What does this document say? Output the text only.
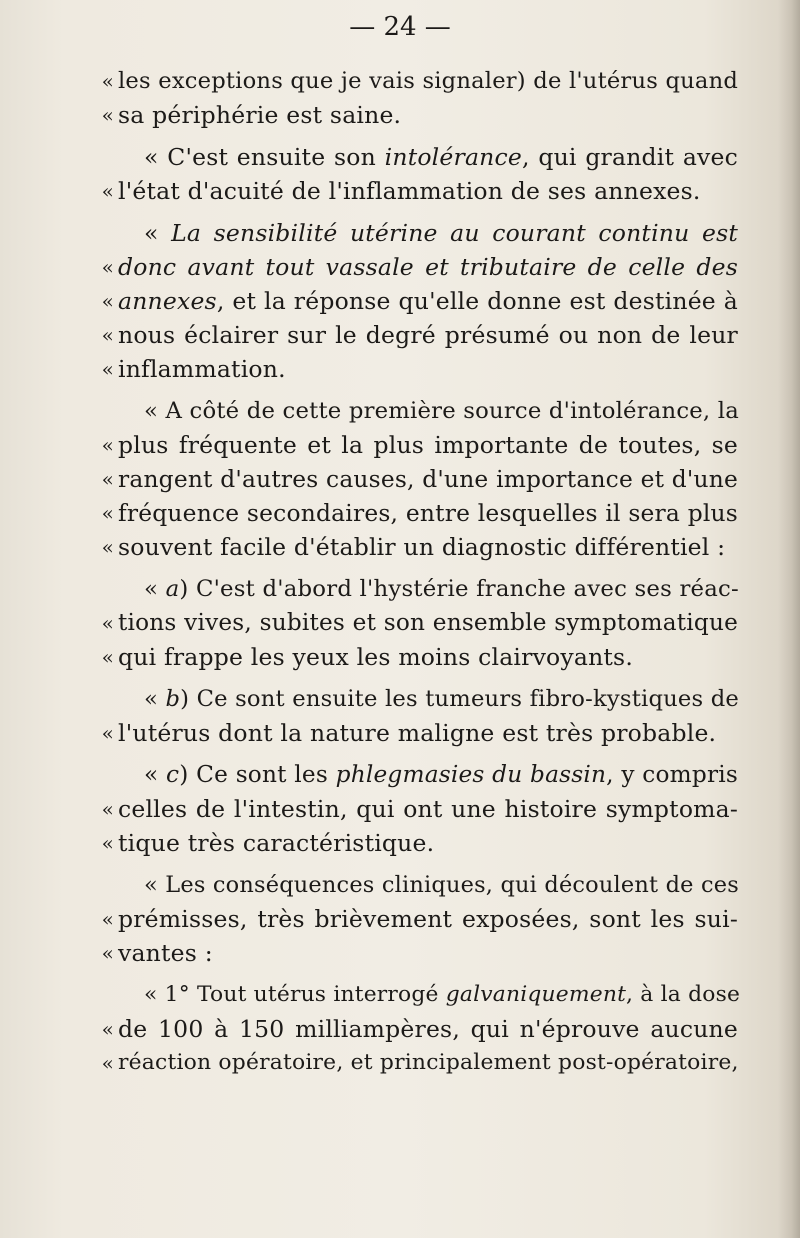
— 24 —
« les exceptions que je vais signaler) de l'utérus quand
« sa périphérie est saine.
« C'est ensuite son intolérance, qui grandit avec
« l'état d'acuité de l'inflammation de ses annexes.
« La sensibilité utérine au courant continu est
« donc avant tout vassale et tributaire de celle des
« annexes, et la réponse qu'elle donne est destinée à
« nous éclairer sur le degré présumé ou non de leur
« inflammation.
« A côté de cette première source d'intolérance, la
« plus fréquente et la plus importante de toutes, se
« rangent d'autres causes, d'une importance et d'une
« fréquence secondaires, entre lesquelles il sera plus
« souvent facile d'établir un diagnostic différentiel :
« a) C'est d'abord l'hystérie franche avec ses réac-
« tions vives, subites et son ensemble symptomatique
« qui frappe les yeux les moins clairvoyants.
« b) Ce sont ensuite les tumeurs fibro-kystiques de
« l'utérus dont la nature maligne est très probable.
« c) Ce sont les phlegmasies du bassin, y compris
« celles de l'intestin, qui ont une histoire symptoma-
« tique très caractéristique.
« Les conséquences cliniques, qui découlent de ces
« prémisses, très brièvement exposées, sont les sui-
« vantes :
« 1° Tout utérus interrogé galvaniquement, à la dose
« de 100 à 150 milliampères, qui n'éprouve aucune
« réaction opératoire, et principalement post-opératoire,
